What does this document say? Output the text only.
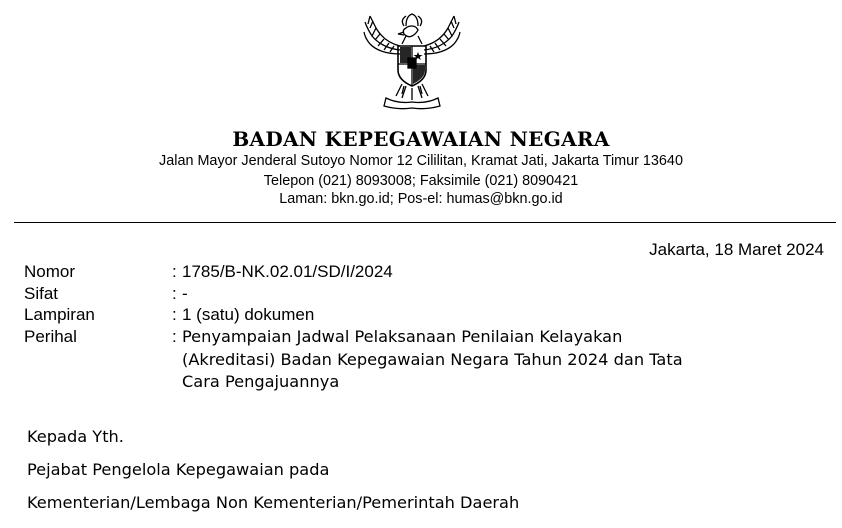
BADAN KEPEGAWAIAN NEGARA
Jalan Mayor Jenderal Sutoyo Nomor 12 Cililitan, Kramat Jati, Jakarta Timur 13640
Telepon (021) 8093008; Faksimile (021) 8090421
Laman: bkn.go.id; Pos-el: humas@bkn.go.id
Jakarta, 18 Maret 2024
Nomor	: 1785/B-NK.02.01/SD/I/2024
Sifat	: -
Lampiran	: 1 (satu) dokumen
Perihal	: Penyampaian Jadwal Pelaksanaan Penilaian Kelayakan
(Akreditasi) Badan Kepegawaian Negara Tahun 2024 dan Tata
Cara Pengajuannya
Kepada Yth.
Pejabat Pengelola Kepegawaian pada
Kementerian/Lembaga Non Kementerian/Pemerintah Daerah
